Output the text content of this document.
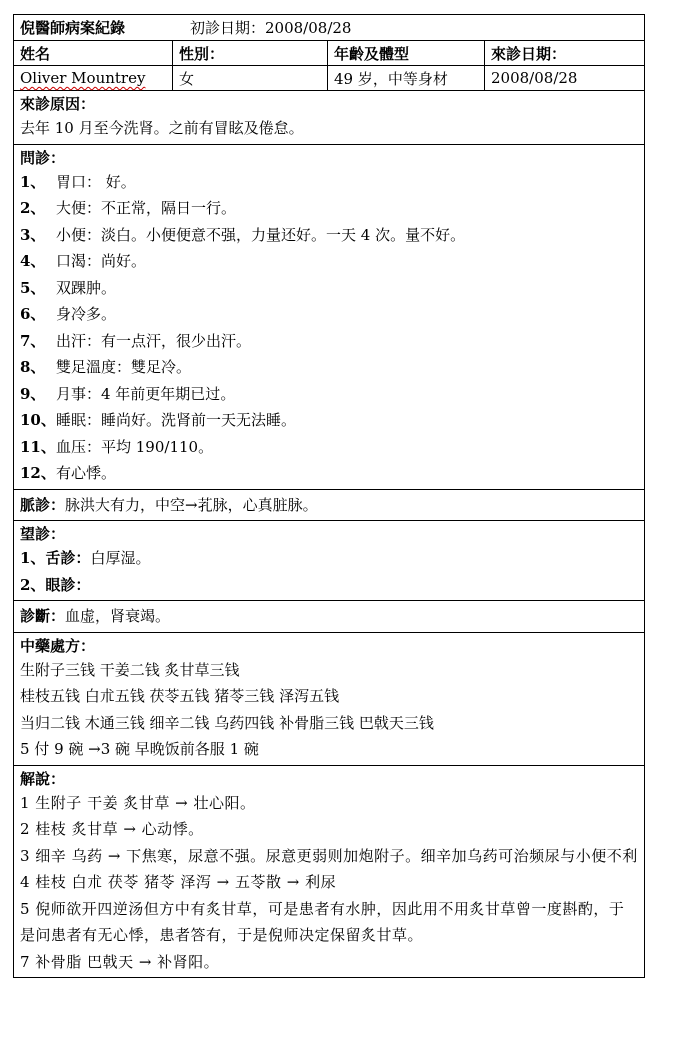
倪醫師病案紀錄	初診日期：2008/08/28
姓名	性別：	年齡及體型	來診日期：
Oliver Mountrey	女	49 岁，中等身材	2008/08/28
來診原因：
去年 10 月至今洗肾。之前有冒眩及倦怠。
問診：
1、 胃口： 好。
2、 大便：不正常，隔日一行。
3、 小便：淡白。小便便意不强，力量还好。一天 4 次。量不好。
4、 口渴：尚好。
5、 双踝肿。
6、 身冷多。
7、 出汗：有一点汗，很少出汗。
8、 雙足溫度：雙足冷。
9、 月事：4 年前更年期已过。
10、睡眠：睡尚好。洗肾前一天无法睡。
11、血压：平均 190/110。
12、有心悸。
脈診：脉洪大有力，中空→芤脉，心真脏脉。
望診：
1、舌診：白厚湿。
2、眼診：
診斷：血虚，肾衰竭。
中藥處方：
生附子三钱 干姜二钱 炙甘草三钱
桂枝五钱 白朮五钱 茯苓五钱 猪苓三钱 泽泻五钱
当归二钱 木通三钱 细辛二钱 乌药四钱 补骨脂三钱 巴戟天三钱
5 付 9 碗 →3 碗 早晚饭前各服 1 碗
解說：
1 生附子 干姜 炙甘草 → 壮心阳。
2 桂枝 炙甘草 → 心动悸。
3 细辛 乌药 → 下焦寒，尿意不强。尿意更弱则加炮附子。细辛加乌药可治频尿与小便不利
4 桂枝 白朮 茯苓 猪苓 泽泻 → 五苓散 → 利尿
5 倪师欲开四逆汤但方中有炙甘草，可是患者有水肿，因此用不用炙甘草曾一度斟酌，于是问患者有无心悸，患者答有，于是倪师决定保留炙甘草。
7 补骨脂 巴戟天 → 补肾阳。
